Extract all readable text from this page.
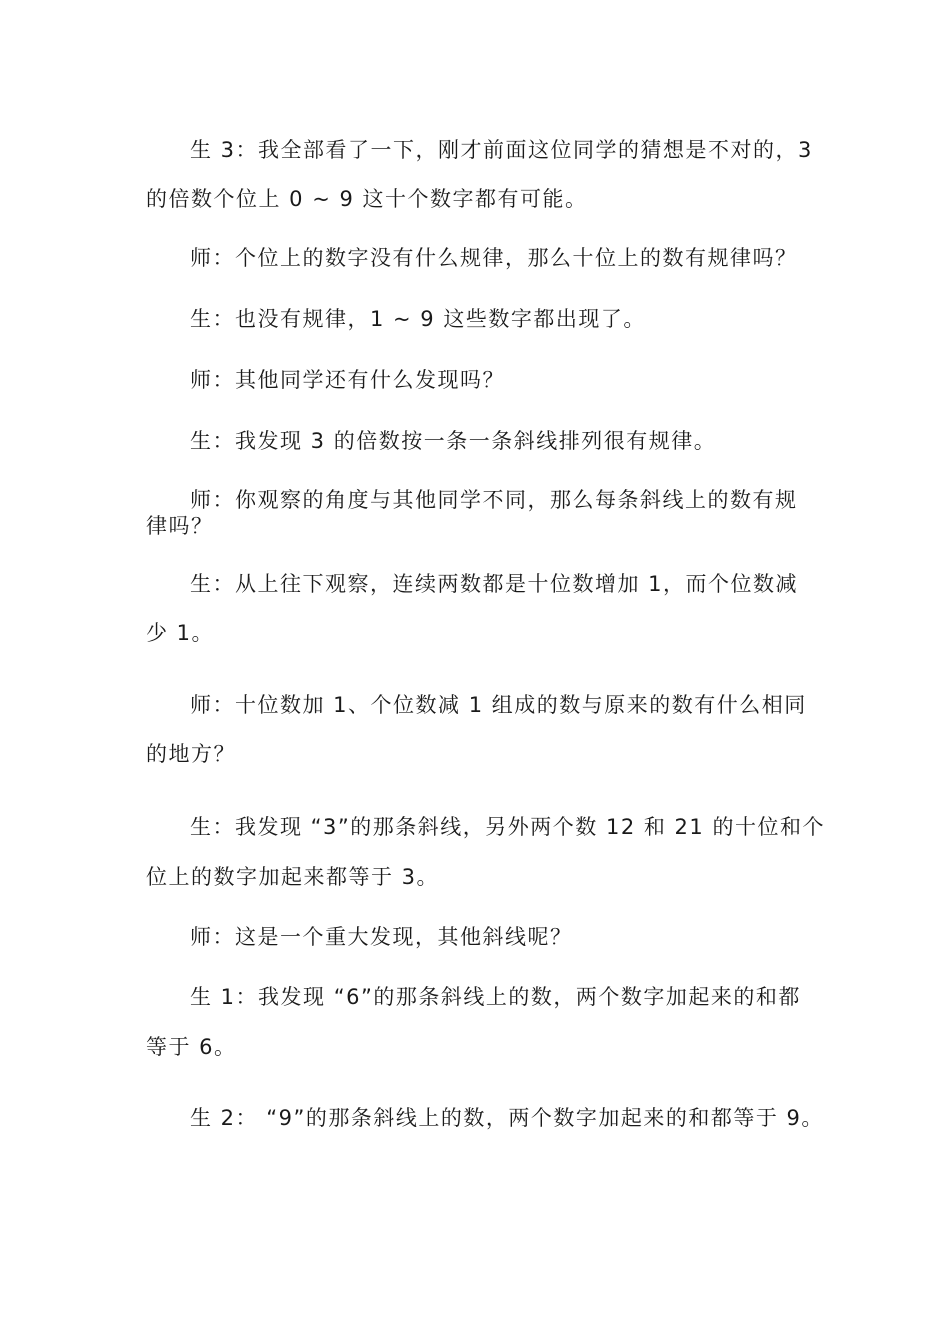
生 3：我全部看了一下，刚才前面这位同学的猜想是不对的，3
的倍数个位上 0 ~ 9 这十个数字都有可能。
师：个位上的数字没有什么规律，那么十位上的数有规律吗？
生：也没有规律，1 ~ 9 这些数字都出现了。
师：其他同学还有什么发现吗？
生：我发现 3 的倍数按一条一条斜线排列很有规律。
师：你观察的角度与其他同学不同，那么每条斜线上的数有规
律吗？
生：从上往下观察，连续两数都是十位数增加 1，而个位数减
少 1。
师：十位数加 1、个位数减 1 组成的数与原来的数有什么相同
的地方？
生：我发现 “3”的那条斜线，另外两个数 12 和 21 的十位和个
位上的数字加起来都等于 3。
师：这是一个重大发现，其他斜线呢？
生 1：我发现 “6”的那条斜线上的数，两个数字加起来的和都
等于 6。
生 2： “9”的那条斜线上的数，两个数字加起来的和都等于 9。
